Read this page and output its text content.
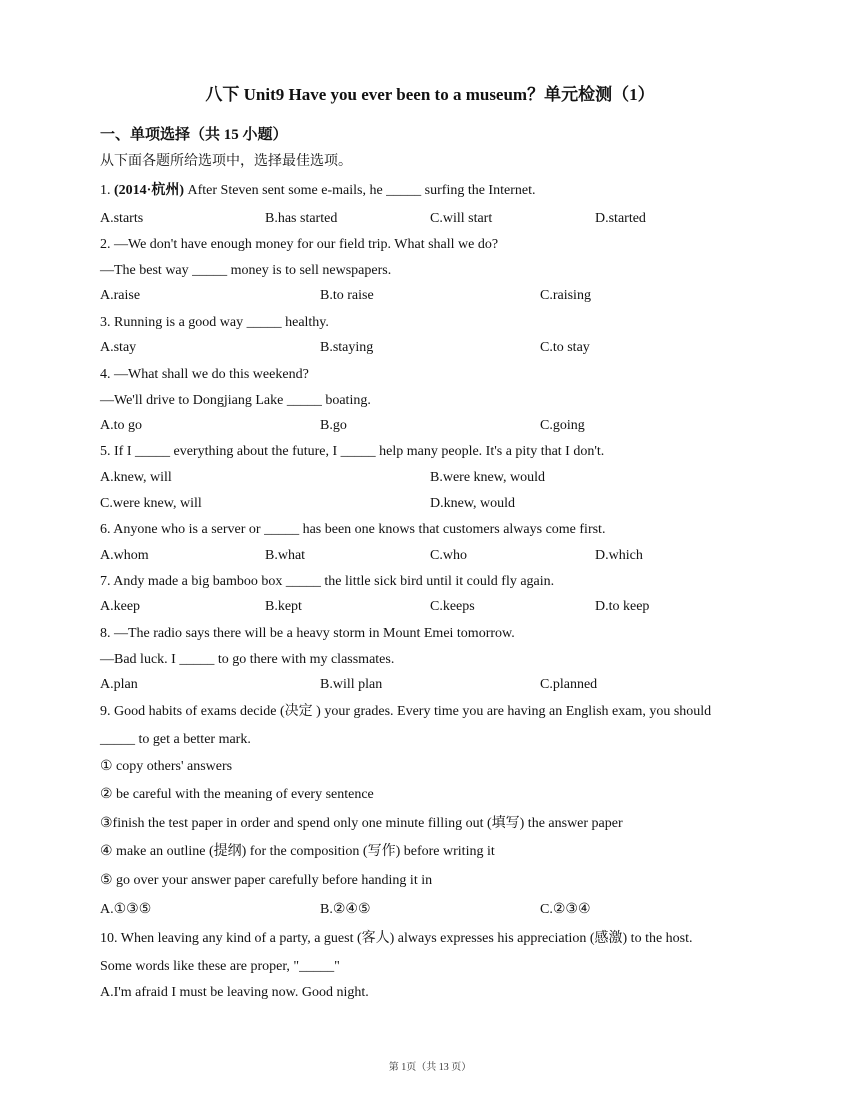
八下 Unit9 Have you ever been to a museum？单元检测（1）
一、单项选择（共 15 小题）
从下面各题所给选项中，选择最佳选项。
1. (2014·杭州) After Steven sent some e-mails, he _____ surfing the Internet.
A.starts	B.has started	C.will start	D.started
2. —We don't have enough money for our field trip. What shall we do?
—The best way _____ money is to sell newspapers.
A.raise	B.to raise	C.raising
3. Running is a good way _____ healthy.
A.stay	B.staying	C.to stay
4. —What shall we do this weekend?
—We'll drive to Dongjiang Lake _____ boating.
A.to go	B.go	C.going
5. If I _____ everything about the future, I _____ help many people. It's a pity that I don't.
A.knew, will	B.were knew, would
C.were knew, will	D.knew, would
6. Anyone who is a server or _____ has been one knows that customers always come first.
A.whom	B.what	C.who	D.which
7. Andy made a big bamboo box _____ the little sick bird until it could fly again.
A.keep	B.kept	C.keeps	D.to keep
8. —The radio says there will be a heavy storm in Mount Emei tomorrow.
—Bad luck. I _____ to go there with my classmates.
A.plan	B.will plan	C.planned
9. Good habits of exams decide (决定 ) your grades. Every time you are having an English exam, you should
_____ to get a better mark.
① copy others' answers
② be careful with the meaning of every sentence
③finish the test paper in order and spend only one minute filling out (填写) the answer paper
④ make an outline (提纲) for the composition (写作) before writing it
⑤ go over your answer paper carefully before handing it in
A.①③⑤	B.②④⑤	C.②③④
10. When leaving any kind of a party, a guest (客人) always expresses his appreciation (感激) to the host.
Some words like these are proper, "_____"
A.I'm afraid I must be leaving now. Good night.
第 1页（共 13 页）
